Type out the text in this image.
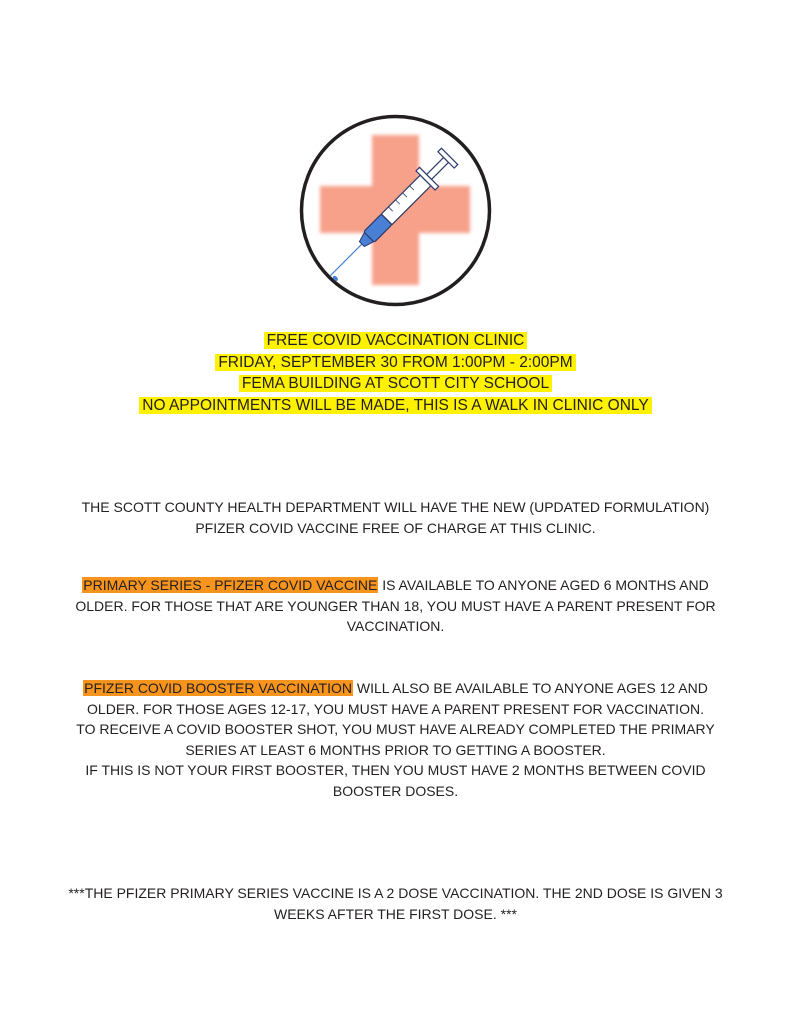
FREE COVID VACCINATION CLINIC
FRIDAY, SEPTEMBER 30 FROM 1:00PM - 2:00PM
FEMA BUILDING AT SCOTT CITY SCHOOL
NO APPOINTMENTS WILL BE MADE, THIS IS A WALK IN CLINIC ONLY
THE SCOTT COUNTY HEALTH DEPARTMENT WILL HAVE THE NEW (UPDATED FORMULATION) PFIZER COVID VACCINE FREE OF CHARGE AT THIS CLINIC.
PRIMARY SERIES - PFIZER COVID VACCINE IS AVAILABLE TO ANYONE AGED 6 MONTHS AND OLDER. FOR THOSE THAT ARE YOUNGER THAN 18, YOU MUST HAVE A PARENT PRESENT FOR VACCINATION.
PFIZER COVID BOOSTER VACCINATION WILL ALSO BE AVAILABLE TO ANYONE AGES 12 AND OLDER. FOR THOSE AGES 12-17, YOU MUST HAVE A PARENT PRESENT FOR VACCINATION.
TO RECEIVE A COVID BOOSTER SHOT, YOU MUST HAVE ALREADY COMPLETED THE PRIMARY SERIES AT LEAST 6 MONTHS PRIOR TO GETTING A BOOSTER.
IF THIS IS NOT YOUR FIRST BOOSTER, THEN YOU MUST HAVE 2 MONTHS BETWEEN COVID BOOSTER DOSES.
***THE PFIZER PRIMARY SERIES VACCINE IS A 2 DOSE VACCINATION. THE 2ND DOSE IS GIVEN 3 WEEKS AFTER THE FIRST DOSE. ***
